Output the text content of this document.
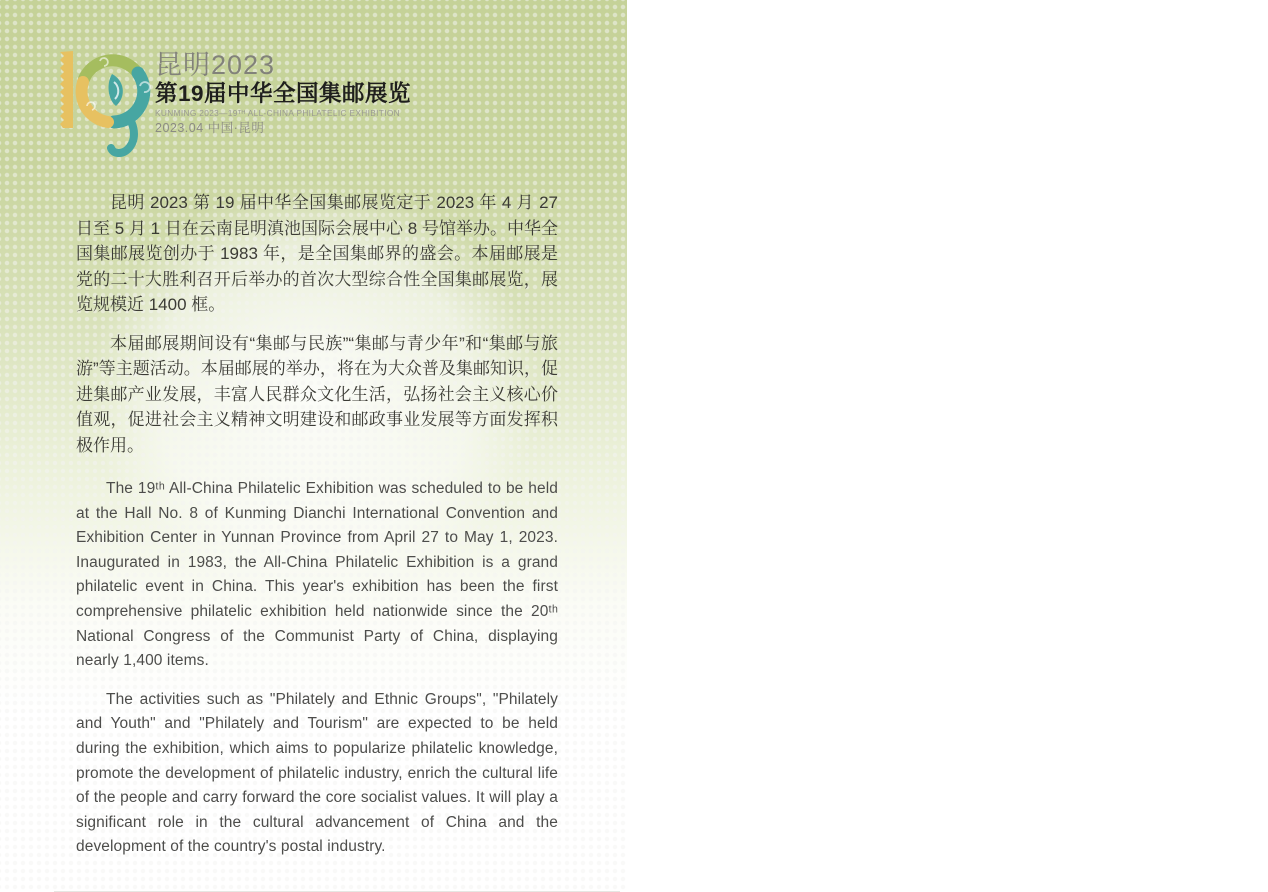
昆明2023
第19届中华全国集邮展览
KUNMING 2023—19ᵀᴴ ALL-CHINA PHILATELIC EXHIBITION
2023.04 中国·昆明

昆明 2023 第 19 届中华全国集邮展览定于 2023 年 4 月 27 日至 5 月 1 日在云南昆明滇池国际会展中心 8 号馆举办。中华全国集邮展览创办于 1983 年，是全国集邮界的盛会。本届邮展是党的二十大胜利召开后举办的首次大型综合性全国集邮展览，展览规模近 1400 框。

本届邮展期间设有“集邮与民族”“集邮与青少年”和“集邮与旅游”等主题活动。本届邮展的举办，将在为大众普及集邮知识，促进集邮产业发展，丰富人民群众文化生活，弘扬社会主义核心价值观，促进社会主义精神文明建设和邮政事业发展等方面发挥积极作用。

The 19ᵗʰ All-China Philatelic Exhibition was scheduled to be held at the Hall No. 8 of Kunming Dianchi International Convention and Exhibition Center in Yunnan Province from April 27 to May 1, 2023. Inaugurated in 1983, the All-China Philatelic Exhibition is a grand philatelic event in China. This year's exhibition has been the first comprehensive philatelic exhibition held nationwide since the 20ᵗʰ National Congress of the Communist Party of China, displaying nearly 1,400 items.

The activities such as "Philately and Ethnic Groups", "Philately and Youth" and "Philately and Tourism" are expected to be held during the exhibition, which aims to popularize philatelic knowledge, promote the development of philatelic industry, enrich the cultural life of the people and carry forward the core socialist values. It will play a significant role in the cultural advancement of China and the development of the country's postal industry.
